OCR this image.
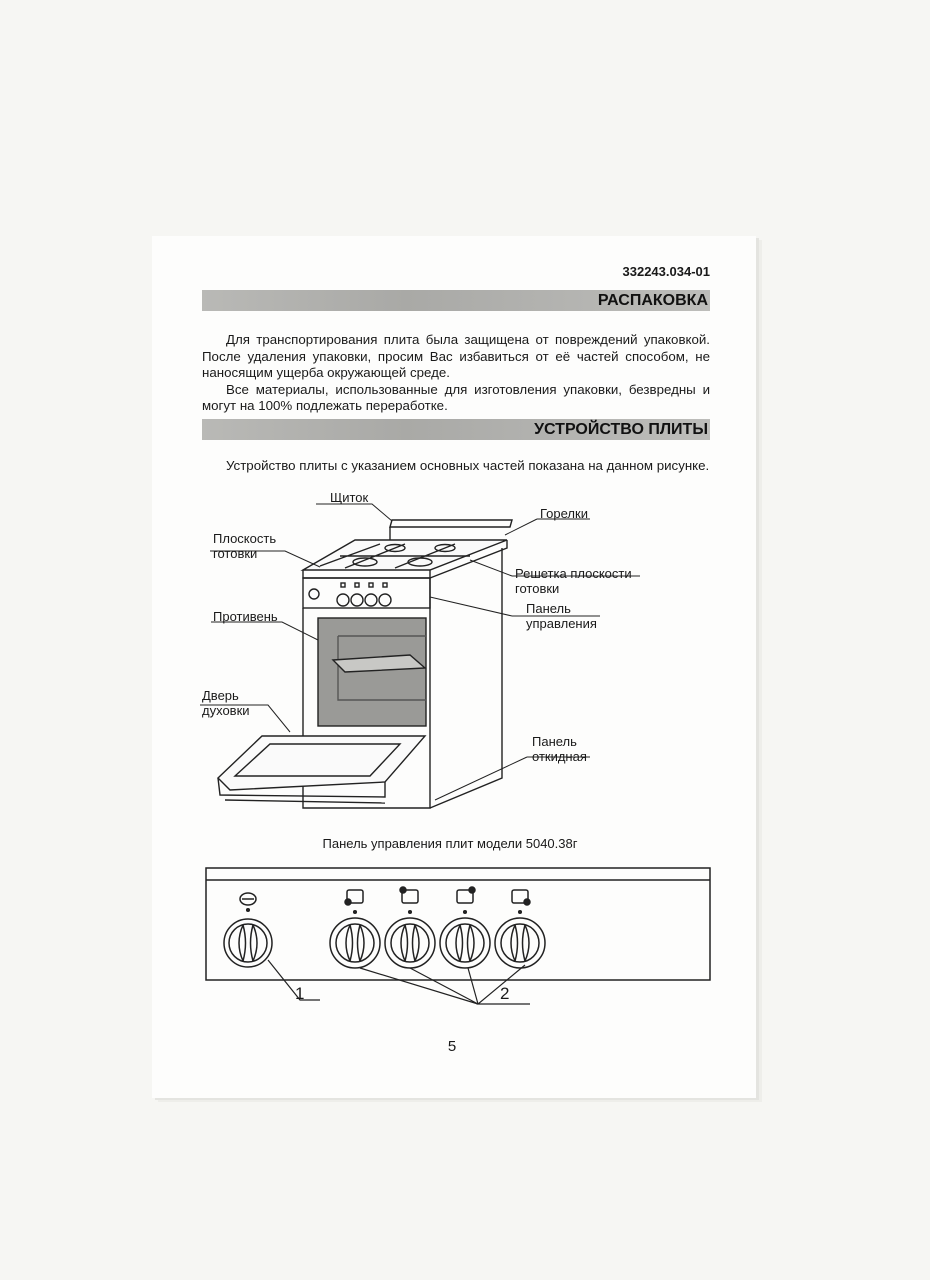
332243.034-01
РАСПАКОВКА

Для транспортирования плита была защищена от повреждений упаковкой. После удаления упаковки, просим Вас избавиться от её частей способом, не наносящим ущерба окружающей среде.

Все материалы, использованные для изготовления упаковки, безвредны и могут на 100% подлежать переработке.

УСТРОЙСТВО ПЛИТЫ

Устройство плиты с указанием основных частей показана на данном рисунке.

Щиток
Горелки
Плоскость
готовки
Решетка плоскости
готовки
Панель
управления
Противень
Дверь
духовки
Панель
откидная
Панель управления плит модели 5040.38г
1	2
5
